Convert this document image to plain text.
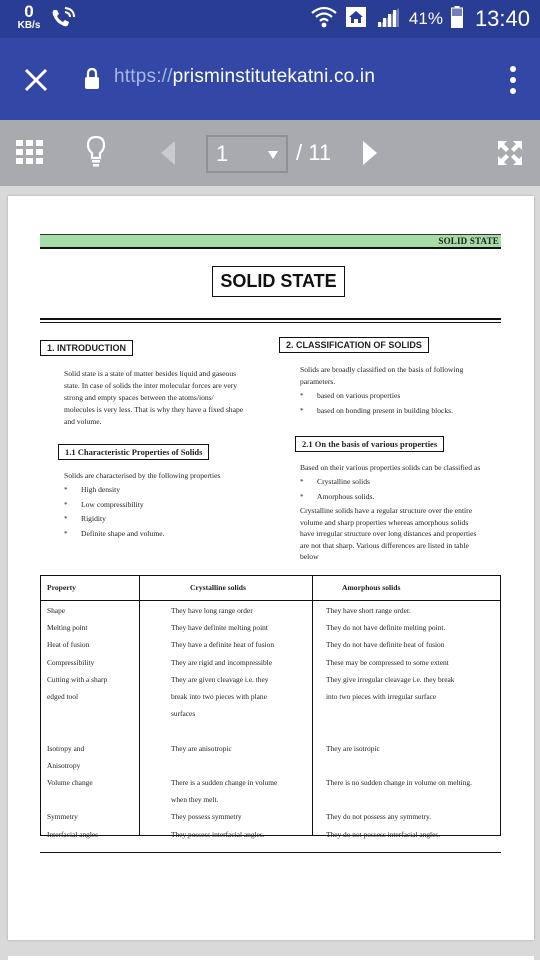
0
KB/s	41% 13:40
https://prisminstitutekatni.co.in
1	/ 11
SOLID STATE
SOLID STATE
1. INTRODUCTION
Solid state is a state of matter besides liquid and gaseous
state. In case of solids the inter molecular forces are very
strong and empty spaces between the atoms/ions/
molecules is very less. That is why they have a fixed shape
and volume.
1.1 Characteristic Properties of Solids
Solids are characterised by the following properties
* High density
* Low compressibility
* Rigidity
* Definite shape and volume.
2. CLASSIFICATION OF SOLIDS
Solids are broadly classified on the basis of following
parameters.
* based on various properties
* based on bonding present in building blocks.
2.1 On the basis of various properties
Based on their various properties solids can be classified as
* Crystalline solids
* Amorphous solids.
Crystalline solids have a regular structure over the entire
volume and sharp properties whereas amorphous solids
have irregular structure over long distances and properties
are not that sharp. Various differences are listed in table
below
Property	Crystalline solids	Amorphous solids
Shape	They have long range order	They have short range order.
Melting point	They have definite melting point	They do not have definite melting point.
Heat of fusion	They have a definite heat of fusion	They do not have definite heat of fusion
Compressibility	They are rigid and incompressible	These may be compressed to some extent
Cutting with a sharp	They are given cleavage i.e. they	They give irregular cleavage i.e. they break
edged tool	break into two pieces with plane	into two pieces with irregular surface
surfaces
Isotropy and	They are anisotropic	They are isotropic
Anisotropy
Volume change	There is a sudden change in volume	There is no sudden change in volume on melting.
when they melt.
Symmetry	They possess symmetry	They do not possess any symmetry.
Interfacial angles	They possess interfacial angles.	They do not possess interfacial angles.
